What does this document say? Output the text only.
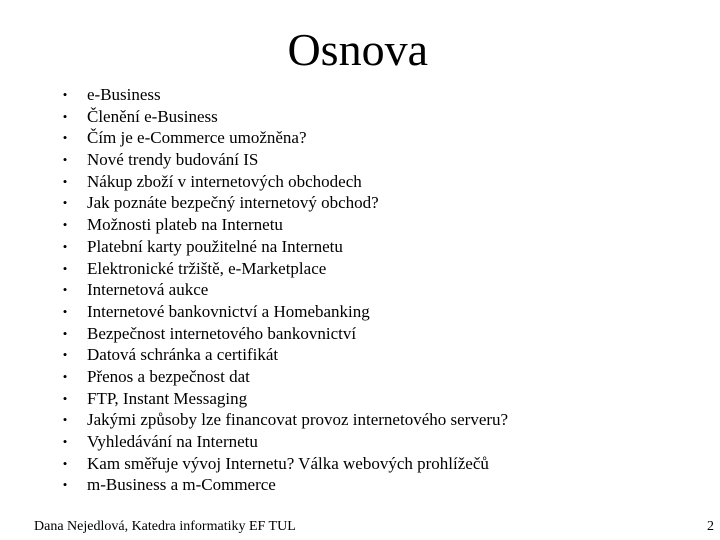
Osnova
• e-Business
• Členění e-Business
• Čím je e-Commerce umožněna?
• Nové trendy budování IS
• Nákup zboží v internetových obchodech
• Jak poznáte bezpečný internetový obchod?
• Možnosti plateb na Internetu
• Platební karty použitelné na Internetu
• Elektronické tržiště, e-Marketplace
• Internetová aukce
• Internetové bankovnictví a Homebanking
• Bezpečnost internetového bankovnictví
• Datová schránka a certifikát
• Přenos a bezpečnost dat
• FTP, Instant Messaging
• Jakými způsoby lze financovat provoz internetového serveru?
• Vyhledávání na Internetu
• Kam směřuje vývoj Internetu? Válka webových prohlížečů
• m-Business a m-Commerce
Dana Nejedlová, Katedra informatiky EF TUL	2
